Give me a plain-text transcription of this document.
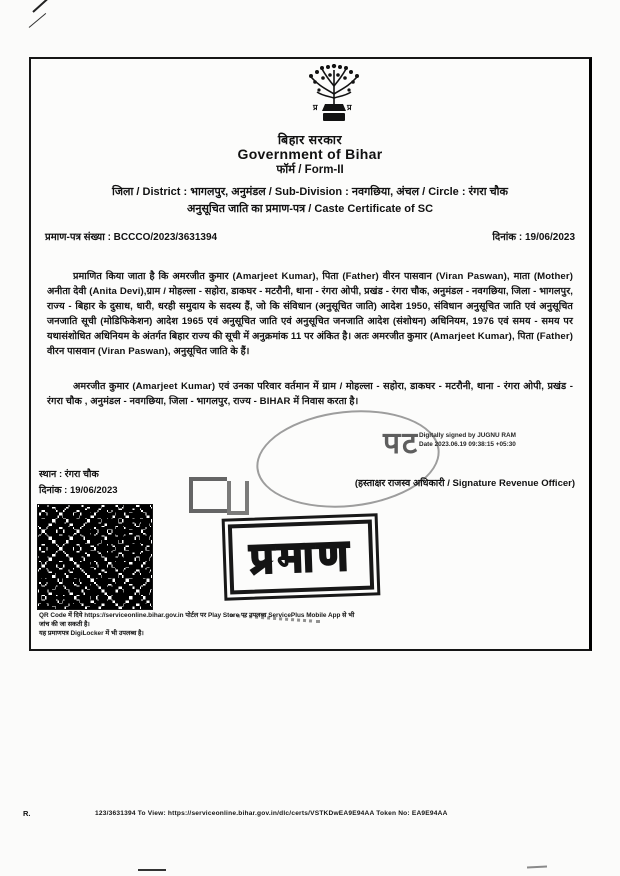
प्र	प्र
बिहार सरकार
Government of Bihar
फॉर्म / Form-II
जिला / District : भागलपुर, अनुमंडल / Sub-Division : नवगछिया, अंचल / Circle : रंगरा चौक
अनुसूचित जाति का प्रमाण-पत्र / Caste Certificate of SC
प्रमाण-पत्र संख्या : BCCCO/2023/3631394	दिनांक : 19/06/2023
प्रमाणित किया जाता है कि अमरजीत कुमार (Amarjeet Kumar), पिता (Father) वीरन पासवान (Viran Paswan), माता (Mother) अनीता देवी (Anita Devi),ग्राम / मोहल्ला - सहोरा, डाकघर - मटरौनी, थाना - रंगरा ओपी, प्रखंड - रंगरा चौक, अनुमंडल - नवगछिया, जिला - भागलपुर, राज्य - बिहार के दुसाध, धारी, धरही समुदाय के सदस्य हैं, जो कि संविधान (अनुसूचित जाति) आदेश 1950, संविधान अनुसूचित जाति एवं अनुसूचित जनजाति सूची (मोडिफिकेशन) आदेश 1965 एवं अनुसूचित जाति एवं अनुसूचित जनजाति आदेश (संशोधन) अधिनियम, 1976 एवं समय - समय पर यथासंशोधित अधिनियम के अंतर्गत बिहार राज्य की सूची में अनुक्रमांक 11 पर अंकित है। अतः अमरजीत कुमार (Amarjeet Kumar), पिता (Father) वीरन पासवान (Viran Paswan), अनुसूचित जाति के हैं।
अमरजीत कुमार (Amarjeet Kumar) एवं उनका परिवार वर्तमान में ग्राम / मोहल्ला - सहोरा, डाकघर - मटरौनी, थाना - रंगरा ओपी, प्रखंड - रंगरा चौक , अनुमंडल - नवगछिया, जिला - भागलपुर, राज्य - BIHAR में निवास करता है।
पट Digitally signed by JUGNU RAM
Date 2023.06.19 09:38:15 +05:30
(हस्ताक्षर राजस्व अधिकारी / Signature Revenue Officer)
स्थान : रंगरा चौक
दिनांक : 19/06/2023
प्रमाण
QR Code में दिये https://serviceonline.bihar.gov.in पोर्टल पर Play Store पर उपलब्ध ServicePlus Mobile App से भी
जांच की जा सकती है।
यह प्रमाणपत्र DigiLocker में भी उपलब्ध है।
R.	123/3631394 To View: https://serviceonline.bihar.gov.in/dlc/certs/VSTKDwEA9E94AA Token No: EA9E94AA
